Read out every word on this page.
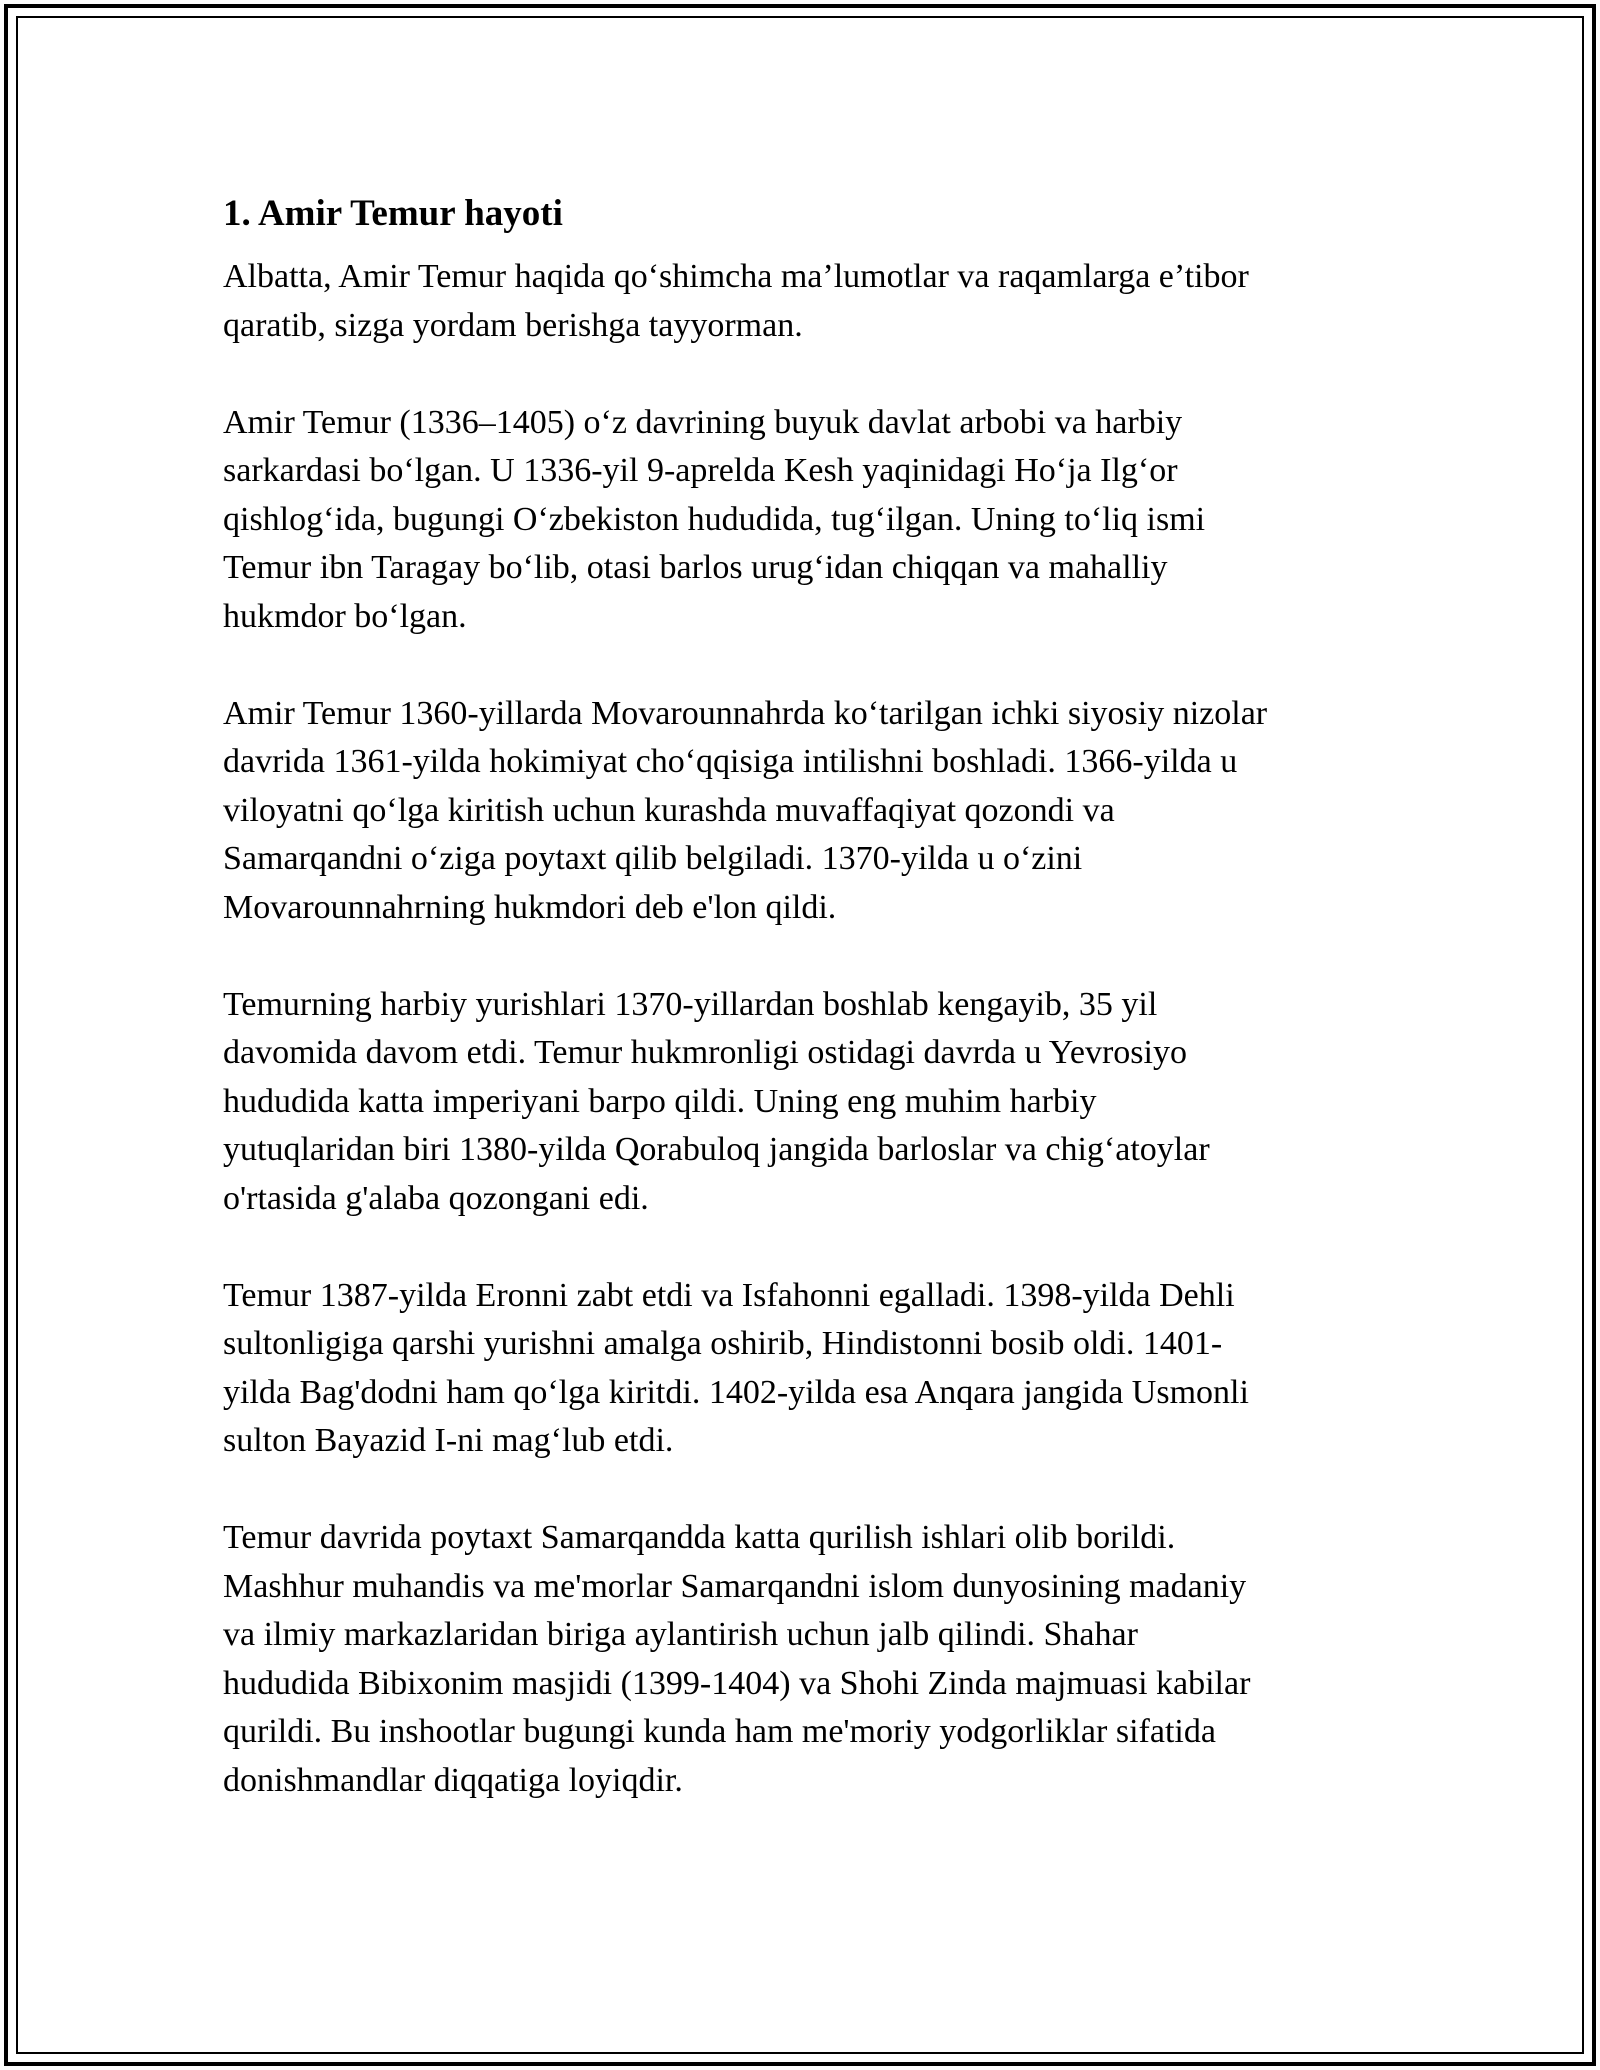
1. Amir Temur hayoti

Albatta, Amir Temur haqida qo‘shimcha ma’lumotlar va raqamlarga e’tibor
qaratib, sizga yordam berishga tayyorman.

Amir Temur (1336–1405) o‘z davrining buyuk davlat arbobi va harbiy
sarkardasi bo‘lgan. U 1336-yil 9-aprelda Kesh yaqinidagi Ho‘ja Ilg‘or
qishlog‘ida, bugungi O‘zbekiston hududida, tug‘ilgan. Uning to‘liq ismi
Temur ibn Taragay bo‘lib, otasi barlos urug‘idan chiqqan va mahalliy
hukmdor bo‘lgan.

Amir Temur 1360-yillarda Movarounnahrda ko‘tarilgan ichki siyosiy nizolar
davrida 1361-yilda hokimiyat cho‘qqisiga intilishni boshladi. 1366-yilda u
viloyatni qo‘lga kiritish uchun kurashda muvaffaqiyat qozondi va
Samarqandni o‘ziga poytaxt qilib belgiladi. 1370-yilda u o‘zini
Movarounnahrning hukmdori deb e'lon qildi.

Temurning harbiy yurishlari 1370-yillardan boshlab kengayib, 35 yil
davomida davom etdi. Temur hukmronligi ostidagi davrda u Yevrosiyo
hududida katta imperiyani barpo qildi. Uning eng muhim harbiy
yutuqlaridan biri 1380-yilda Qorabuloq jangida barloslar va chig‘atoylar
o'rtasida g'alaba qozongani edi.

Temur 1387-yilda Eronni zabt etdi va Isfahonni egalladi. 1398-yilda Dehli
sultonligiga qarshi yurishni amalga oshirib, Hindistonni bosib oldi. 1401-
yilda Bag'dodni ham qo‘lga kiritdi. 1402-yilda esa Anqara jangida Usmonli
sulton Bayazid I-ni mag‘lub etdi.

Temur davrida poytaxt Samarqandda katta qurilish ishlari olib borildi.
Mashhur muhandis va me'morlar Samarqandni islom dunyosining madaniy
va ilmiy markazlaridan biriga aylantirish uchun jalb qilindi. Shahar
hududida Bibixonim masjidi (1399-1404) va Shohi Zinda majmuasi kabilar
qurildi. Bu inshootlar bugungi kunda ham me'moriy yodgorliklar sifatida
donishmandlar diqqatiga loyiqdir.
